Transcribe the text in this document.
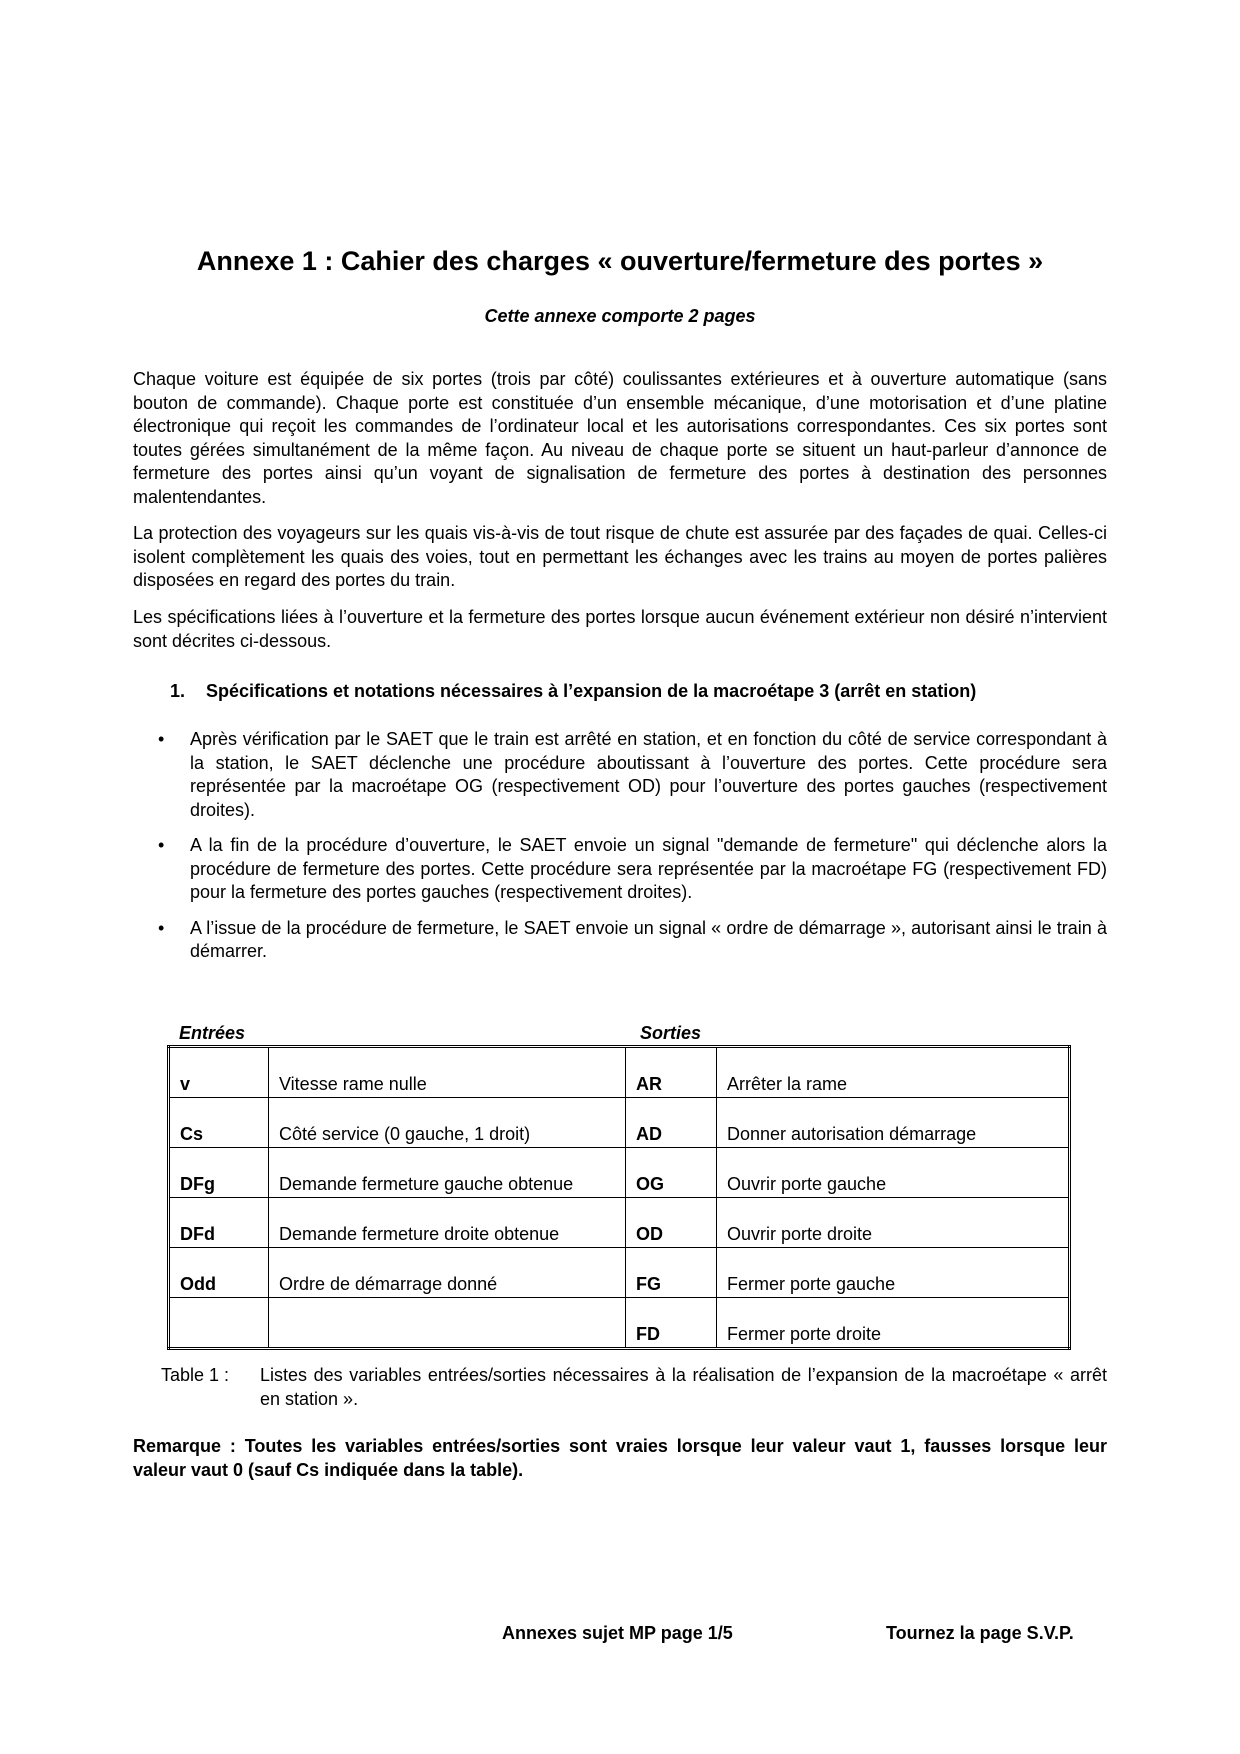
Annexe 1 : Cahier des charges « ouverture/fermeture des portes »
Cette annexe comporte 2 pages

Chaque voiture est équipée de six portes (trois par côté) coulissantes extérieures et à ouverture automatique (sans bouton de commande). Chaque porte est constituée d’un ensemble mécanique, d’une motorisation et d’une platine électronique qui reçoit les commandes de l’ordinateur local et les autorisations correspondantes. Ces six portes sont toutes gérées simultanément de la même façon. Au niveau de chaque porte se situent un haut-parleur d’annonce de fermeture des portes ainsi qu’un voyant de signalisation de fermeture des portes à destination des personnes malentendantes.

La protection des voyageurs sur les quais vis-à-vis de tout risque de chute est assurée par des façades de quai. Celles-ci isolent complètement les quais des voies, tout en permettant les échanges avec les trains au moyen de portes palières disposées en regard des portes du train.

Les spécifications liées à l’ouverture et la fermeture des portes lorsque aucun événement extérieur non désiré n’intervient sont décrites ci-dessous.

1. Spécifications et notations nécessaires à l’expansion de la macroétape 3 (arrêt en station)
• Après vérification par le SAET que le train est arrêté en station, et en fonction du côté de service correspondant à la station, le SAET déclenche une procédure aboutissant à l’ouverture des portes. Cette procédure sera représentée par la macroétape OG (respectivement OD) pour l’ouverture des portes gauches (respectivement droites).
• A la fin de la procédure d’ouverture, le SAET envoie un signal "demande de fermeture" qui déclenche alors la procédure de fermeture des portes. Cette procédure sera représentée par la macroétape FG (respectivement FD) pour la fermeture des portes gauches (respectivement droites).
• A l’issue de la procédure de fermeture, le SAET envoie un signal « ordre de démarrage », autorisant ainsi le train à démarrer.
Entrées	Sorties
v	Vitesse rame nulle	AR	Arrêter la rame
Cs	Côté service (0 gauche, 1 droit)	AD	Donner autorisation démarrage
DFg	Demande fermeture gauche obtenue	OG	Ouvrir porte gauche
DFd	Demande fermeture droite obtenue	OD	Ouvrir porte droite
Odd	Ordre de démarrage donné	FG	Fermer porte gauche
		FD	Fermer porte droite
Table 1 : Listes des variables entrées/sorties nécessaires à la réalisation de l’expansion de la macroétape « arrêt en station ».
Remarque : Toutes les variables entrées/sorties sont vraies lorsque leur valeur vaut 1, fausses lorsque leur valeur vaut 0 (sauf Cs indiquée dans la table).
Annexes sujet MP page 1/5	Tournez la page S.V.P.
